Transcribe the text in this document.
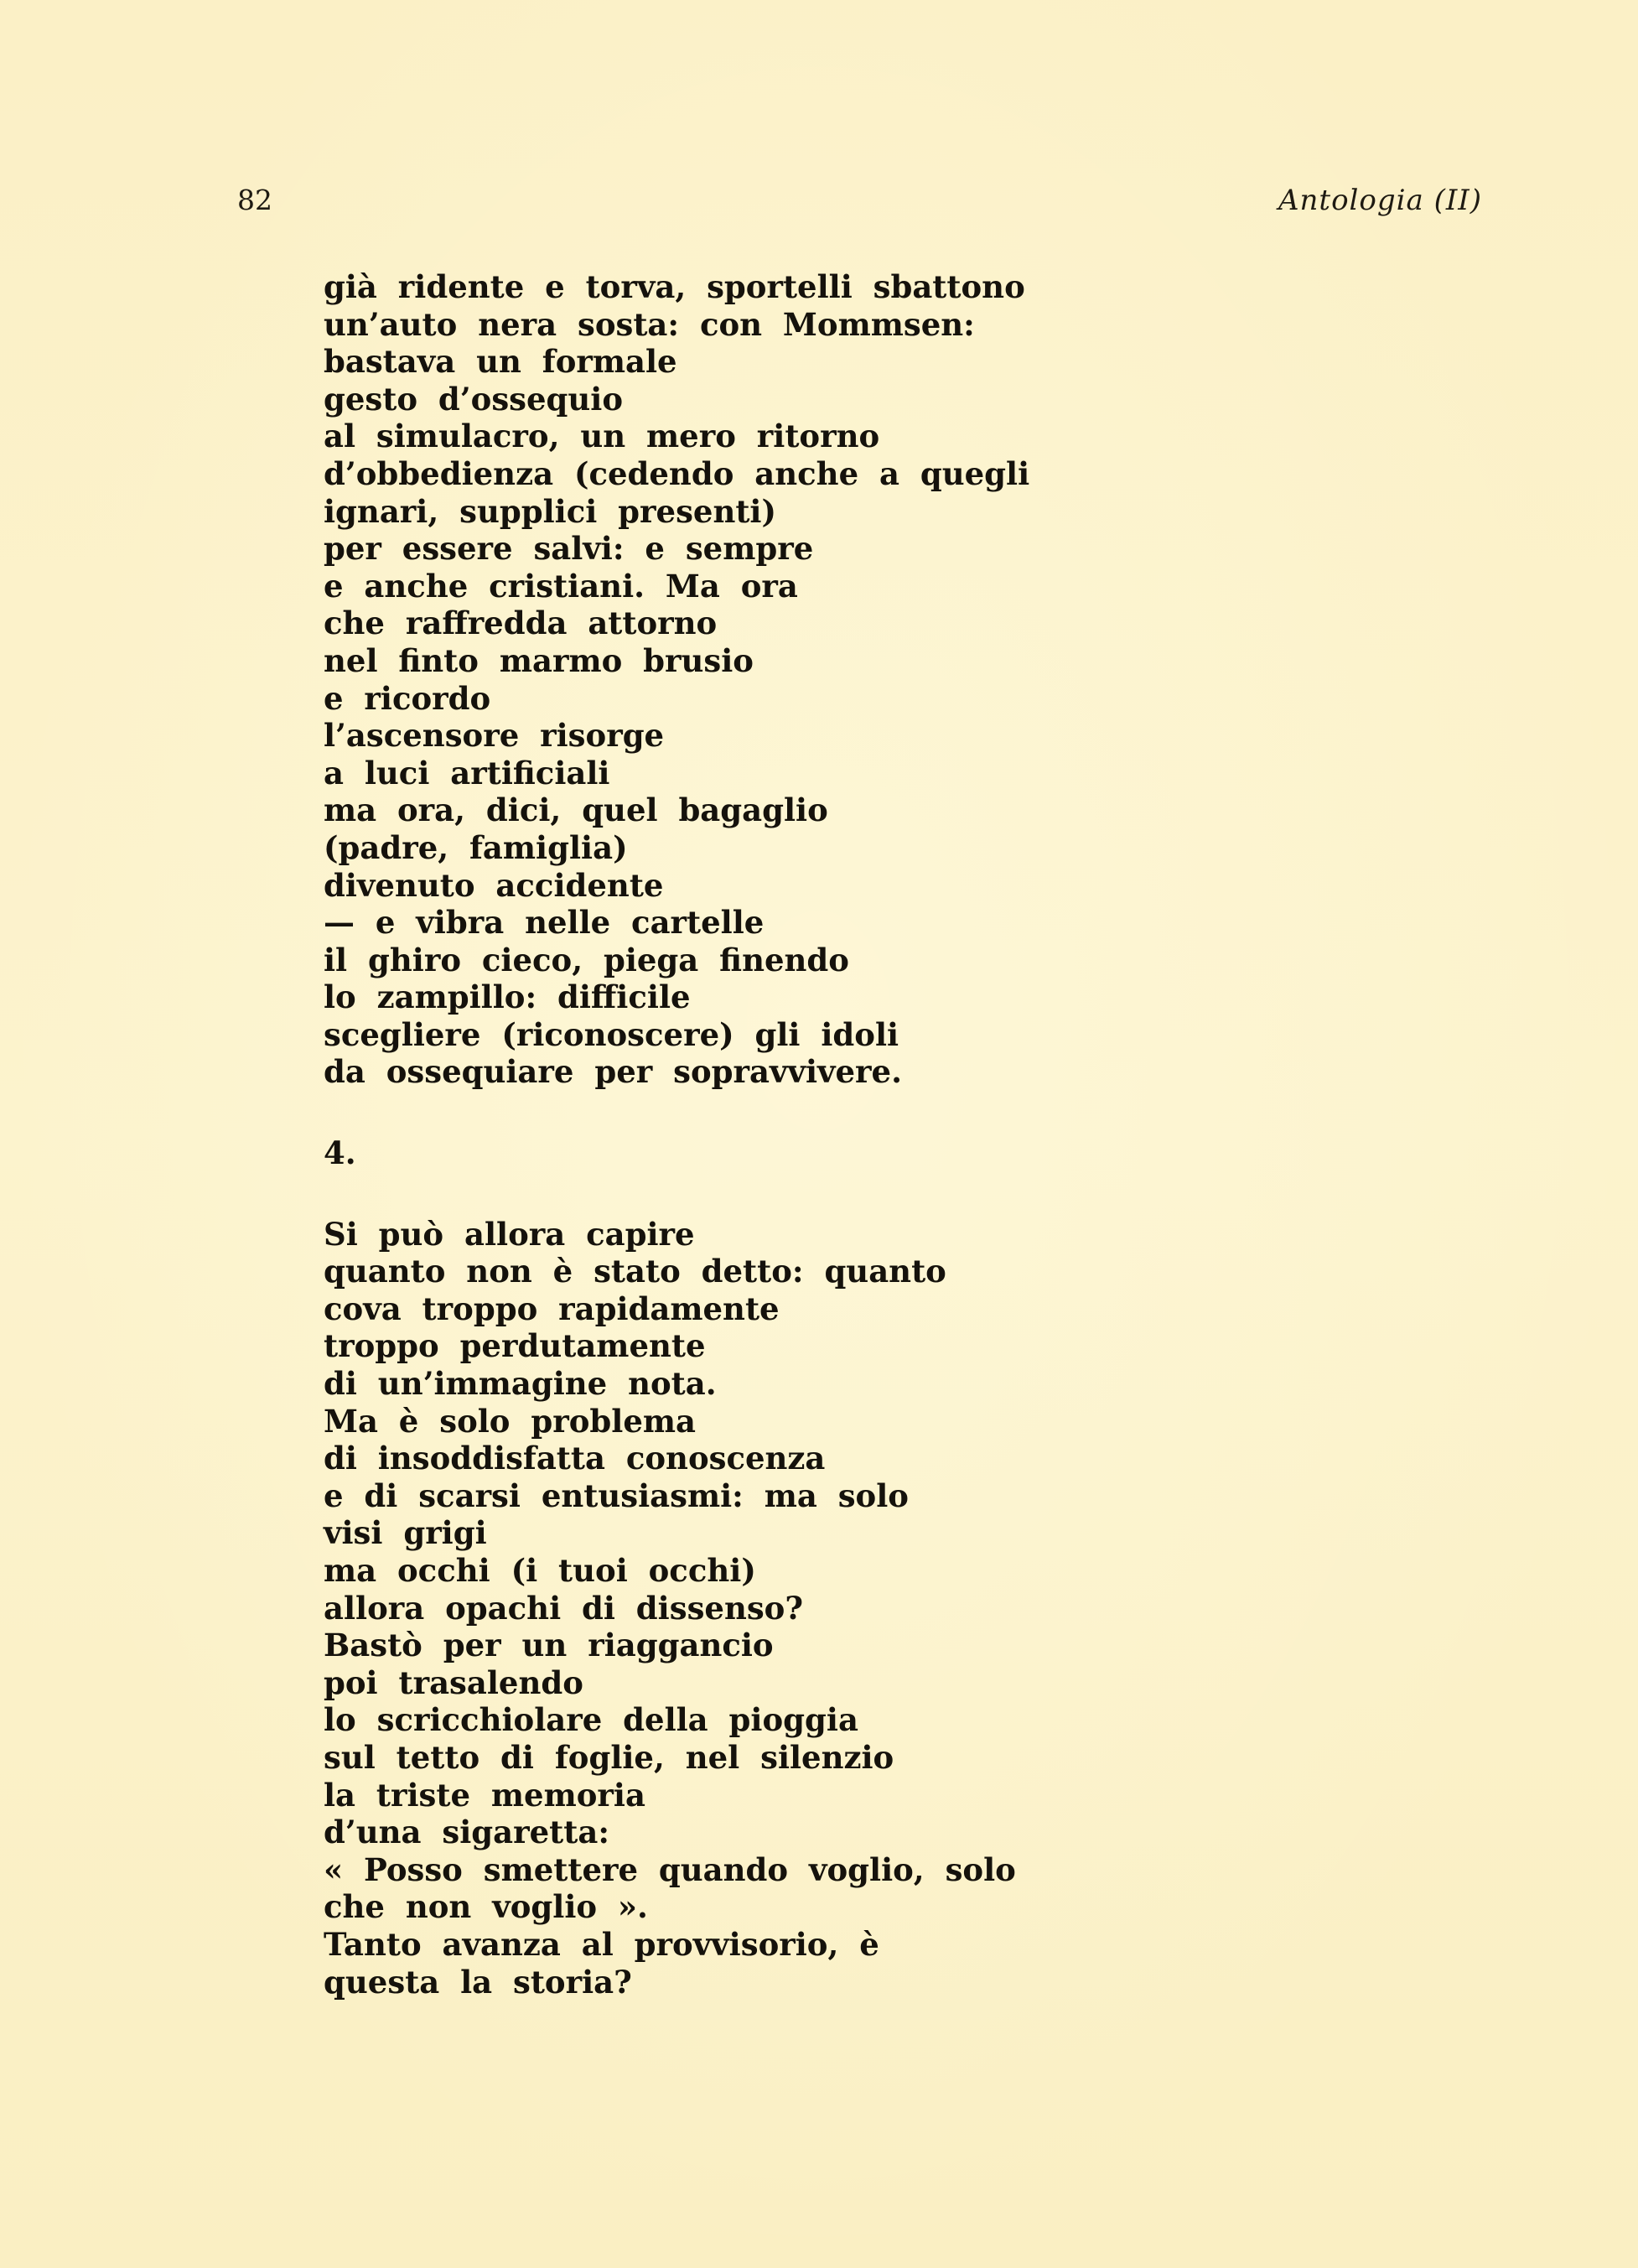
82	Antologia (II)
già ridente e torva, sportelli sbattono
un’auto nera sosta: con Mommsen:
bastava un formale
gesto d’ossequio
al simulacro, un mero ritorno
d’obbedienza (cedendo anche a quegli
ignari, supplici presenti)
per essere salvi: e sempre
e anche cristiani. Ma ora
che raffredda attorno
nel finto marmo brusio
e ricordo
l’ascensore risorge
a luci artificiali
ma ora, dici, quel bagaglio
(padre, famiglia)
divenuto accidente
— e vibra nelle cartelle
il ghiro cieco, piega finendo
lo zampillo: difficile
scegliere (riconoscere) gli idoli
da ossequiare per sopravvivere.
4.
Si può allora capire
quanto non è stato detto: quanto
cova troppo rapidamente
troppo perdutamente
di un’immagine nota.
Ma è solo problema
di insoddisfatta conoscenza
e di scarsi entusiasmi: ma solo
visi grigi
ma occhi (i tuoi occhi)
allora opachi di dissenso?
Bastò per un riaggancio
poi trasalendo
lo scricchiolare della pioggia
sul tetto di foglie, nel silenzio
la triste memoria
d’una sigaretta:
« Posso smettere quando voglio, solo
che non voglio ».
Tanto avanza al provvisorio, è
questa la storia?
